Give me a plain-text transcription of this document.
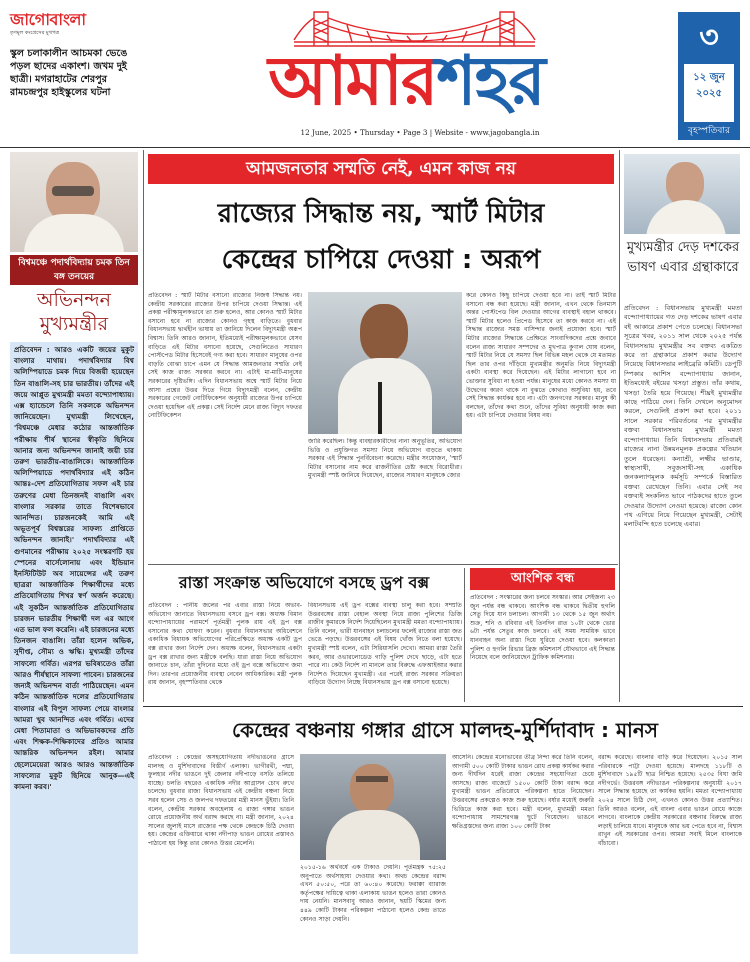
জাগোবাংলা
তৃণমূল কংগ্রেসের মুখপত্র
স্কুল চলাকালীন আচমকা ভেঙে পড়ল ছাদের একাংশ। জখম দুই ছাত্রী। মগরাহাটের শেরপুর রামচন্দ্রপুর হাইস্কুলের ঘটনা	আমারশহর
12 June, 2025 • Thursday • Page 3 | Website - www.jagobangla.in
৩
১২ জুন ২০২৫
বৃহস্পতিবার
বিশ্বমঞ্চে পদার্থবিদ্যায় চমক তিন বঙ্গ তনয়ের
অভিনন্দন মুখ্যমন্ত্রীর
প্রতিবেদন : আরও একটি জয়ের মুকুট বাংলার মাথায়। পদার্থবিদ্যার বিশ্ব অলিম্পিয়াডে চমক দিয়ে বিজয়ী হয়েছেন তিন বাঙালি-সহ চার ভারতীয়। তাঁদের এই জয়ে আপ্লুত মুখ্যমন্ত্রী মমতা বন্দ্যোপাধ্যায়। এক্স হ্যান্ডেলে তিনি সকলকে অভিনন্দন জানিয়েছেন। মুখ্যমন্ত্রী লিখেছেন, 'বিশ্বমঞ্চে মেধার কঠোর আন্তর্জাতিক পরীক্ষায় শীর্ষ স্থানের স্বীকৃতি ছিনিয়ে আনার জন্য অভিনন্দন জানাই জয়ী চার তরুণ ভারতীয়-বাঙালিকে। আন্তর্জাতিক অলিম্পিয়াডে পদার্থবিদ্যার এই কঠিন আন্তঃ-দেশ প্রতিযোগিতায় সফল এই চার তরুণের মেধা তিনজনই বাঙালি এবং বাংলার সরকার তাতে বিশেষভাবে আনন্দিত। চারজনকেই আমি এই অভূতপূর্ব বিশ্বস্তরের সাফল্য প্রাপ্তিতে অভিনন্দন জানাই।' পদার্থবিদ্যার এই গুণমানের পরীক্ষায় ২০২৫ সংস্করণটি হয় স্পেনের বার্সেলোনায় এবং ইন্ডিয়ান ইনস্টিটিউট অব সায়েন্সের এই তরুণ ছাত্ররা আন্তর্জাতিক শিক্ষার্থীদের মধ্যে প্রতিযোগিতায় শিখর স্বর্ণ অর্জন করেছে। এই সুকঠিন আন্তর্জাতিক প্রতিযোগিতায় চারজন ভারতীয় শিক্ষার্থী দল এর আগে এত ভাল ফল করেনি। এই চারজনের মধ্যে তিনজন বাঙালি। তাঁরা হলেন অভিক, সুদীপ্ত, সৌম্য ও ঋদ্ধি। মুখ্যমন্ত্রী তাঁদের সাফল্যে গর্বিত। এরপর ভবিষ্যতেও তাঁরা আরও শীর্ষস্থানে সাফল্য পাবেন। চারজনের জন্যই অভিনন্দন বার্তা পাঠিয়েছেন। এমন কঠিন আন্তর্জাতিক দলের প্রতিযোগিতায় বাংলার এই বিপুল সাফল্য পেয়ে বাংলার আমরা খুব আনন্দিত এবং গর্বিত। এদের মেধা পিতামাতা ও অভিভাবকদের প্রতি এবং শিক্ষক-শিক্ষিকাদের প্রতিও আমার আন্তরিক অভিনন্দন রইল। আমার ছেলেমেয়েরা আরও আরও আন্তর্জাতিক সাফল্যের মুকুট ছিনিয়ে আনুক—এই কামনা করব।'
আমজনতার সম্মতি নেই, এমন কাজ নয়
রাজ্যের সিদ্ধান্ত নয়, স্মার্ট মিটার
কেন্দ্রের চাপিয়ে দেওয়া : অরূপ
প্রতিবেদন : স্মার্ট মিটার বসানো রাজ্যের নিজস্ব সিদ্ধান্ত নয়। কেন্দ্রীয় সরকারের রাজ্যের উপর চাপিয়ে দেওয়া সিদ্ধান্ত। এই প্রকল্প পরীক্ষামূলকভাবে তা শুরু হলেও, আর কোনও স্মার্ট মিটার বসানো হবে না রাজ্যের কোনও গৃহস্থ বাড়িতে। বুধবার বিধানসভায় দ্ব্যর্থহীন ভাষায় তা জানিয়ে দিলেন বিদ্যুৎমন্ত্রী অরূপ বিশ্বাস। তিনি আরও জানান, ইতিমধ্যেই পরীক্ষামূলকভাবে যেসব বাড়িতে এই মিটার বসানো হয়েছে, সেগুলিতেও সাধারণ পোস্টপেড মিটার হিসেবেই গণ্য করা হবে। সাধারণ মানুষের ওপর বাড়তি বোঝা চাপে এমন যে সিদ্ধান্ত আমজনতার সম্মতি নেই সেই কাজ রাজ্য সরকার করবে না। এটাই মা-মাটি-মানুষের সরকারের দৃষ্টিভঙ্গি। এদিন বিধানসভায় অশ্বে স্মার্ট মিটার নিয়ে আসা প্রশ্নের উত্তর দিতে গিয়ে বিদ্যুৎমন্ত্রী বলেন, কেন্দ্রীয় সরকারের গেজেট নোটিফিকেশন অনুযায়ী রাজ্যের উপর চাপিয়ে দেওয়া হয়েছিল এই প্রকল্প। সেই নির্দেশ মেনে রাজ্য বিদ্যুৎ দফতর নোটিফিকেশন
জারি করেছিল। কিন্তু ব্যবহারকারীদের নানা অনুভূতির, অভিযোগ ভিত্তি ও প্রযুক্তিগত সমস্যা নিয়ে অভিযোগ বাড়তে থাকায় সরকার এই সিদ্ধান্ত পুনর্বিবেচনা করেছে। মন্ত্রীর সংযোজন, 'স্মার্ট মিটার বসানোর নাম করে রাজনীতির চেষ্টা করছে বিরোধীরা। মুখ্যমন্ত্রী স্পষ্ট জানিয়ে দিয়েছেন, রাজ্যের সাধারণ মানুষকে জোর
করে কোনও কিছু চাপিয়ে দেওয়া হবে না। তাই স্মার্ট মিটার বসানো বন্ধ করা হয়েছে। মন্ত্রী জানান, এখন থেকে তিনমাস অন্তর পোস্টপেড বিল দেওয়ার আগের ব্যবস্থাই বহাল থাকবে। স্মার্ট মিটার হলেও প্রিপেড হিসেবে তা কাজ করবে না। এই সিদ্ধান্ত রাজ্যের সমস্ত বাসিন্দার জন্যই প্রযোজ্য হবে। স্মার্ট মিটার রাজ্যের সিদ্ধান্তে প্রেক্ষিতে সাংবাদিকদের প্রশ্নে জবাবে বলেন রাজ্য সাধারণ সম্পদের ও মুখপাত্র কুণাল ঘোষ বলেন, স্মার্ট মিটার নিয়ে যে সমস্যা ছিল বিভিন্ন মহল থেকে যে মতামত ছিল তার ওপর দাঁড়িয়ে মুখ্যমন্ত্রীর অনুমতি নিয়ে বিদ্যুৎমন্ত্রী একটা ব্যবস্থা করে দিয়েছেন। এই মিটার লাগানো হবে না ভোক্তার সুবিধা না হওয়া পর্যন্ত। মানুষের মধ্যে কোনও সমস্যা যা উদ্বেগের কারণ থাকে না বুঝতে কোথাও অসুবিধা হয়, তবে সেই সিদ্ধান্ত কার্যকর হবে না। এটা জনগণের সরকার। মানুষ কী বলছেন, তাঁদের কথা শুনে, তাঁদের সুবিধা অনুযায়ী কাজ করা হয়। এটা চাপিয়ে দেওয়ার বিষয় নয়।
মুখ্যমন্ত্রীর দেড় দশকের ভাষণ এবার গ্রন্থাকারে
প্রতিবেদন : বিধানসভায় মুখ্যমন্ত্রী মমতা বন্দ্যোপাধ্যায়ের গত দেড় দশকের ভাষণ এবার বই আকারে প্রকাশ পেতে চলেছে। বিধানসভা সূত্রের খবর, ২০১১ সাল থেকে ২০২৫ পর্যন্ত বিধানসভায় মুখ্যমন্ত্রীর সব বক্তব্য একত্রিত করে তা গ্রন্থাকারে প্রকাশ করার উদ্যোগ নিয়েছে বিধানসভার লাইব্রেরি কমিটি। ডেপুটি স্পিকার আশিস বন্দ্যোপাধ্যায় জানান, ইতিমধ্যেই বইয়ের খসড়া প্রস্তুত। তাঁর কথায়, খসড়া তৈরি হয়ে গিয়েছে। শীঘ্রই মুখ্যমন্ত্রীর কাছে পাঠিয়ে দেন। তিনি দেখলে অনুমোদন করলে, সেগুলিই প্রকাশ করা হবে। ২০১১ সালে সরকার পরিবর্তনের পর মুখ্যমন্ত্রীর বক্তব্য বিধানসভায় মুখ্যমন্ত্রী মমতা বন্দ্যোপাধ্যায়। তিনি বিধানসভায় প্রতিবারই রাজ্যের নানা উন্নয়নমূলক প্রকল্পের খতিয়ান তুলে ধরেছেন। কন্যাশ্রী, লক্ষ্মীর ভাণ্ডার, স্বাস্থ্যসাথী, সবুজসাথী-সহ একাধিক জনকল্যাণমূলক কর্মসূচি সম্পর্কে বিস্তারিত বক্তব্য রেখেছেন তিনি। এবার সেই সব বক্তব্যই সংকলিত ভাবে পাঠকদের হাতে তুলে দেওয়ার উদ্যোগ নেওয়া হয়েছে। রাজ্যে কোন পথ এগিয়ে নিয়ে গিয়েছেন মুখ্যমন্ত্রী, সেটাই মলাটবন্দি হতে চলেছে এবার।
রাস্তা সংক্রান্ত অভিযোগে বসছে ড্রপ বক্স
প্রতিবেদন : পানীয় জলের পর এবার রাস্তা নিয়ে অভাব-অভিযোগ জানাতে বিধানসভায় বসবে ড্রপ বক্স। অধ্যক্ষ বিমান বন্দ্যোপাধ্যায়ের পরামর্শে পূর্তমন্ত্রী পুলক রায় এই ড্রপ বক্স বসানোর কথা ঘোষণা করেন। বুধবার বিধানসভার অধিবেশনে একাধিক বিধায়ক অভিযোগের পরিপ্রেক্ষিতে অধ্যক্ষ একটি ড্রপ বক্স রাখার জন্য নির্দেশ দেন। অধ্যক্ষ বলেন, বিধানসভায় একটা ড্রপ বক্স রাখার জন্য মন্ত্রীকে বলছি। যারা রাস্তা নিয়ে অভিযোগ জানাতে চান, তাঁরা দুদিনের মধ্যে ওই ড্রপ বক্সে অভিযোগ জমা দিন। তারপর প্রয়োজনীয় ব্যবস্থা নেবেন আধিকারিক। মন্ত্রী পুলক রায় জানান, বৃহস্পতিবার থেকে
বিধানসভায় এই ড্রপ বক্সের ব্যবস্থা চালু করা হবে। সম্প্রতি উত্তরবঙ্গের রাস্তা বেহাল অবস্থা নিয়ে রাজ্য পুলিশের ডিজি রাজীব কুমারকে নির্দেশ দিয়েছিলেন মুখ্যমন্ত্রী মমতা বন্দ্যোপাধ্যায়। তিনি বলেন, ভারী যানবাহন চলাচলের ফলেই রাজ্যের রাস্তা জত ভেঙে পড়ছে। উত্তরবঙ্গের এই বিষয় খোঁজ নিতে বলা হয়েছে। মুখ্যমন্ত্রী স্পষ্ট বলেন, এটা সিরিয়াসলি দেখো। আমরা রাস্তা তৈরি করব, আর ওভারলোডেড গাড়ি পুলিশ দেখে ছাড়ে, এটা হতে পারে না। কেউ নির্দেশ না মানলে তার বিরুদ্ধে এফআইআর করার নির্দেশও দিয়েছেন মুখ্যমন্ত্রী। এর পরেই রাজ্য সরকার সক্রিয়তা বাড়িয়ে উদ্যোগ নিচ্ছে বিধানসভায় ড্রপ বক্স বসানো হয়েছে।
আংশিক বন্ধ
প্রতিবেদন : সংস্কারের জন্য চলবে সংস্কার। আর সেইজন্য ২৩ জুন পর্যন্ত বন্ধ থাকবে। আংশিক বন্ধ থাকবে দ্বিতীয় হুগলি সেতু দিয়ে যান চলাচল। আগামী ১৩ থেকে ১৫ জুন অর্থাৎ শুক্র, শনি ও রবিবার এই তিনদিন রাত ১০টা থেকে ভোর ৬টা পর্যন্ত সেতুর কাজ চলবে। এই সময় সাময়িক ভাবে যানবাহন অন্য রাস্তা দিয়ে ঘুরিয়ে দেওয়া হবে। কলকাতা পুলিশ ও হুগলি রিভার ব্রিজ কমিশনার্স যৌথভাবে এই সিদ্ধান্ত নিয়েছে বলে জানিয়েছেন ট্রাফিক কমিশনার।
কেন্দ্রের বঞ্চনায় গঙ্গার গ্রাসে মালদহ-মুর্শিদাবাদ : মানস
প্রতিবেদন : কেন্দ্রের অসহযোগিতায় নদীভাঙনের গ্রাসে মালদহ ও মুর্শিদাবাদের বিস্তীর্ণ এলাকা। ভাগীরথী, পদ্মা, ফুলহার নদীর ভাঙনে দুই জেলার নদীপাড়ে বসতি তলিয়ে যাচ্ছে। চলতি বছরেও একাধিক নদীর আগ্রাসন চোখ রুখে চলেছে। বুধবার রাজ্য বিধানসভায় এই কেন্দ্রীয় বঞ্চনা নিয়ে সরব হলেন সেচ ও জলপথ দফতরের মন্ত্রী মানস ভুঁইয়া। তিনি বলেন, কেন্দ্রীয় সরকার অবহেলায় এ রাজ্য গঙ্গার ভাঙন রোধে প্রয়োজনীয় অর্থ বরাদ্দ করছে না। মন্ত্রী জানান, ২০২৪ সালের জুলাই মাসে রাজ্যের পক্ষ থেকে কেন্দ্রকে চিঠি দেওয়া হয়। কেন্দ্রের এক্তিয়ারে থাকা নদীপাড় ভাঙন রোধের প্রস্তাবও পাঠানো হয় কিন্তু তার কোনও উত্তর মেলেনি।
২০১৫-১৬ অর্থবর্ষে এক টাকাও দেয়নি। পূর্তমন্ত্রক ৭৫:২৫ অনুপাতে অর্থসাহায্য দেওয়ার কথা। অথচ কেন্দ্রের বরাদ্দ এখন ৫০:৫০, পরে তা ৬০:৪০ করেছে। ফরাক্কা ব্যারাজ কর্তৃপক্ষের দায়িত্বে থাকা এলাকায় ভাঙন হলেও তারা কোনও দায় নেয়নি। মানসবাবু আরও জানান, ছয়টি স্কিমের জন্য ৪৪৯ কোটি টাকার পরিকল্পনা পাঠানো হলেও কেন্দ্র তাতে কোনও সাড়া দেয়নি।
আসেনি। কেন্দ্রের মনোভাবের তীব্র নিন্দা করে তিনি বলেন, আগামী ৫০০ কোটি টাকার ভাঙন রোধ প্রকল্প কার্যকর করার জন্য দীর্ঘদিন ধরেই রাজ্য কেন্দ্রের সহযোগিতা চেয়ে আসছে। রাজ্য বাজেটে ১৫০০ কোটি টাকা বরাদ্দ করে মুখ্যমন্ত্রী ভাঙন প্রতিরোধে পরিকল্পনা হাতে নিয়েছেন। উত্তরবঙ্গের প্রকল্পেও কাজ শুরু হয়েছে। বর্ষার মধ্যেই জরুরি ভিত্তিতে কাজ করা হবে। মন্ত্রী বলেন, মুখ্যমন্ত্রী মমতা বন্দ্যোপাধ্যায় সামশেরগঞ্জ ছুটে গিয়েছেন। ভাঙনে ক্ষতিগ্রস্তদের জন্য রাজ্য ১০০ কোটি টাকা
বরাদ্দ করেছে। বাংলার বাড়ি করে দিয়েছেন। ২০১৫ সাল পরিবারকে পাট্টা দেওয়া হয়েছে। মালদহে ১১৮টি ও মুর্শিদাবাদে ১৯৫টি ছাত্র নিশ্চিত হয়েছে। ২৫৩৫ বিঘা জমি নদীগর্ভে। উত্তরবঙ্গ নদীভাঙন পরিকল্পনার অনুযায়ী ২০১৭ সালে সিদ্ধান্ত হয়েছে তা কার্যকর হয়নি। মমতা বন্দ্যোপাধ্যায় ২০২৪ সালে চিঠি দেন, এখনও কোনও উত্তর প্রত্যাশিত। তিনি আরও বলেন, এই বাংলা এবার ভাঙন রোধে কাজে লাগবে। বাংলাকে কেন্দ্রীয় সরকারের বঞ্চনার বিরুদ্ধে রাজ্য লড়াই চালিয়ে যাবে। মানুষকে আর ভয় পেতে হবে না, বিশ্বাস রাখুন এই সরকারের ওপর। আমরা সবাই মিলে বাংলাকে বাঁচাবো।
